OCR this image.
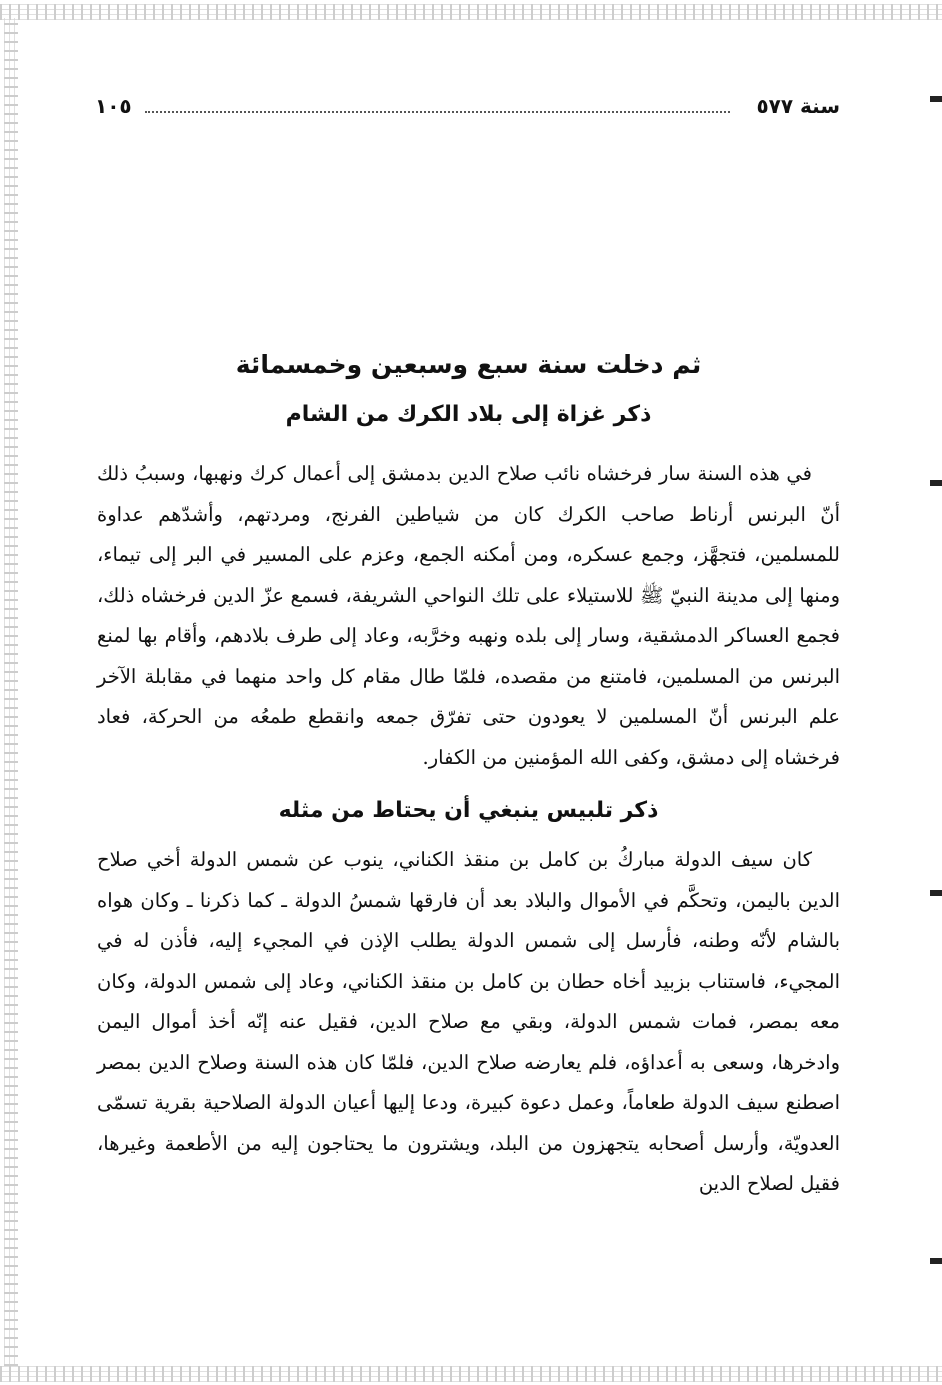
سنة ٥٧٧
١٠٥
ثم دخلت سنة سبع وسبعين وخمسمائة
ذكر غزاة إلى بلاد الكرك من الشام

في هذه السنة سار فرخشاه نائب صلاح الدين بدمشق إلى أعمال كرك ونهبها، وسببُ ذلك أنّ البرنس أرناط صاحب الكرك كان من شياطين الفرنج، ومردتهم، وأشدّهم عداوة للمسلمين، فتجهَّز، وجمع عسكره، ومن أمكنه الجمع، وعزم على المسير في البر إلى تيماء، ومنها إلى مدينة النبيّ ﷺ للاستيلاء على تلك النواحي الشريفة، فسمع عزّ الدين فرخشاه ذلك، فجمع العساكر الدمشقية، وسار إلى بلده ونهبه وخرَّبه، وعاد إلى طرف بلادهم، وأقام بها لمنع البرنس من المسلمين، فامتنع من مقصده، فلمّا طال مقام كل واحد منهما في مقابلة الآخر علم البرنس أنّ المسلمين لا يعودون حتى تفرّق جمعه وانقطع طمعُه من الحركة، فعاد فرخشاه إلى دمشق، وكفى الله المؤمنين من الكفار.

ذكر تلبيس ينبغي أن يحتاط من مثله

كان سيف الدولة مباركُ بن كامل بن منقذ الكناني، ينوب عن شمس الدولة أخي صلاح الدين باليمن، وتحكَّم في الأموال والبلاد بعد أن فارقها شمسُ الدولة ـ كما ذكرنا ـ وكان هواه بالشام لأنّه وطنه، فأرسل إلى شمس الدولة يطلب الإذن في المجيء إليه، فأذن له في المجيء، فاستناب بزبيد أخاه حطان بن كامل بن منقذ الكناني، وعاد إلى شمس الدولة، وكان معه بمصر، فمات شمس الدولة، وبقي مع صلاح الدين، فقيل عنه إنّه أخذ أموال اليمن وادخرها، وسعى به أعداؤه، فلم يعارضه صلاح الدين، فلمّا كان هذه السنة وصلاح الدين بمصر اصطنع سيف الدولة طعاماً، وعمل دعوة كبيرة، ودعا إليها أعيان الدولة الصلاحية بقرية تسمّى العدويّة، وأرسل أصحابه يتجهزون من البلد، ويشترون ما يحتاجون إليه من الأطعمة وغيرها، فقيل لصلاح الدين
